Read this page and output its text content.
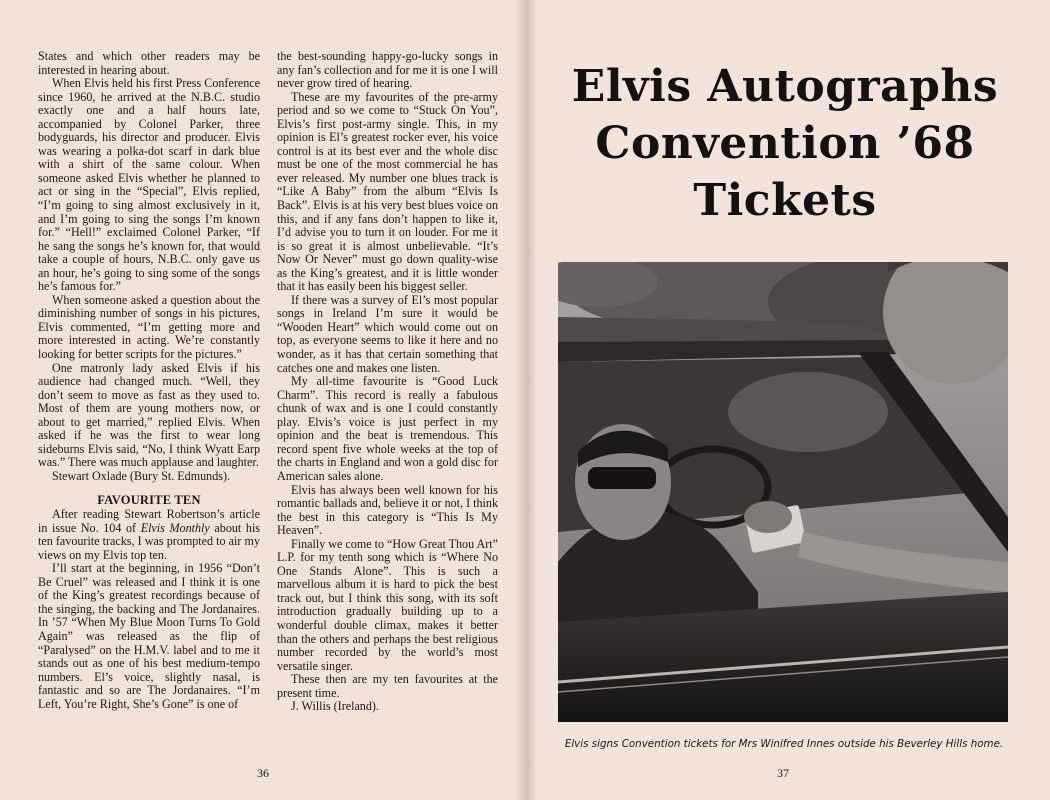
States and which other readers may be interested in hearing about.

When Elvis held his first Press Conference since 1960, he arrived at the N.B.C. studio exactly one and a half hours late, accompanied by Colonel Parker, three bodyguards, his director and producer. Elvis was wearing a polka-dot scarf in dark blue with a shirt of the same colour. When someone asked Elvis whether he planned to act or sing in the “Special”, Elvis replied, “I’m going to sing almost exclusively in it, and I’m going to sing the songs I’m known for.” “Hell!” exclaimed Colonel Parker, “If he sang the songs he’s known for, that would take a couple of hours, N.B.C. only gave us an hour, he’s going to sing some of the songs he’s famous for.”

When someone asked a question about the diminishing number of songs in his pictures, Elvis commented, “I’m getting more and more interested in acting. We’re constantly looking for better scripts for the pictures.”

One matronly lady asked Elvis if his audience had changed much. “Well, they don’t seem to move as fast as they used to. Most of them are young mothers now, or about to get married,” replied Elvis. When asked if he was the first to wear long sideburns Elvis said, “No, I think Wyatt Earp was.” There was much applause and laughter.

Stewart Oxlade (Bury St. Edmunds).

FAVOURITE TEN

After reading Stewart Robertson’s article in issue No. 104 of Elvis Monthly about his ten favourite tracks, I was prompted to air my views on my Elvis top ten.

I’ll start at the beginning, in 1956 “Don’t Be Cruel” was released and I think it is one of the King’s greatest recordings because of the singing, the backing and The Jordanaires. In ’57 “When My Blue Moon Turns To Gold Again” was released as the flip of “Paralysed” on the H.M.V. label and to me it stands out as one of his best medium-tempo numbers. El’s voice, slightly nasal, is fantastic and so are The Jordanaires. “I’m Left, You’re Right, She’s Gone” is one of

the best-sounding happy-go-lucky songs in any fan’s collection and for me it is one I will never grow tired of hearing.

These are my favourites of the pre-army period and so we come to “Stuck On You”, Elvis’s first post-army single. This, in my opinion is El’s greatest rocker ever, his voice control is at its best ever and the whole disc must be one of the most commercial he has ever released. My number one blues track is “Like A Baby” from the album “Elvis Is Back”. Elvis is at his very best blues voice on this, and if any fans don’t happen to like it, I’d advise you to turn it on louder. For me it is so great it is almost unbelievable. “It’s Now Or Never” must go down quality-wise as the King’s greatest, and it is little wonder that it has easily been his biggest seller.

If there was a survey of El’s most popular songs in Ireland I’m sure it would be “Wooden Heart” which would come out on top, as everyone seems to like it here and no wonder, as it has that certain something that catches one and makes one listen.

My all-time favourite is “Good Luck Charm”. This record is really a fabulous chunk of wax and is one I could constantly play. Elvis’s voice is just perfect in my opinion and the beat is tremendous. This record spent five whole weeks at the top of the charts in England and won a gold disc for American sales alone.

Elvis has always been well known for his romantic ballads and, believe it or not, I think the best in this category is “This Is My Heaven”.

Finally we come to “How Great Thou Art” L.P. for my tenth song which is “Where No One Stands Alone”. This is such a marvellous album it is hard to pick the best track out, but I think this song, with its soft introduction gradually building up to a wonderful double climax, makes it better than the others and perhaps the best religious number recorded by the world’s most versatile singer.

These then are my ten favourites at the present time.

J. Willis (Ireland).

36
Elvis Autographs
Convention ’68
Tickets
Elvis signs Convention tickets for Mrs Winifred Innes outside his Beverley Hills home.
37
